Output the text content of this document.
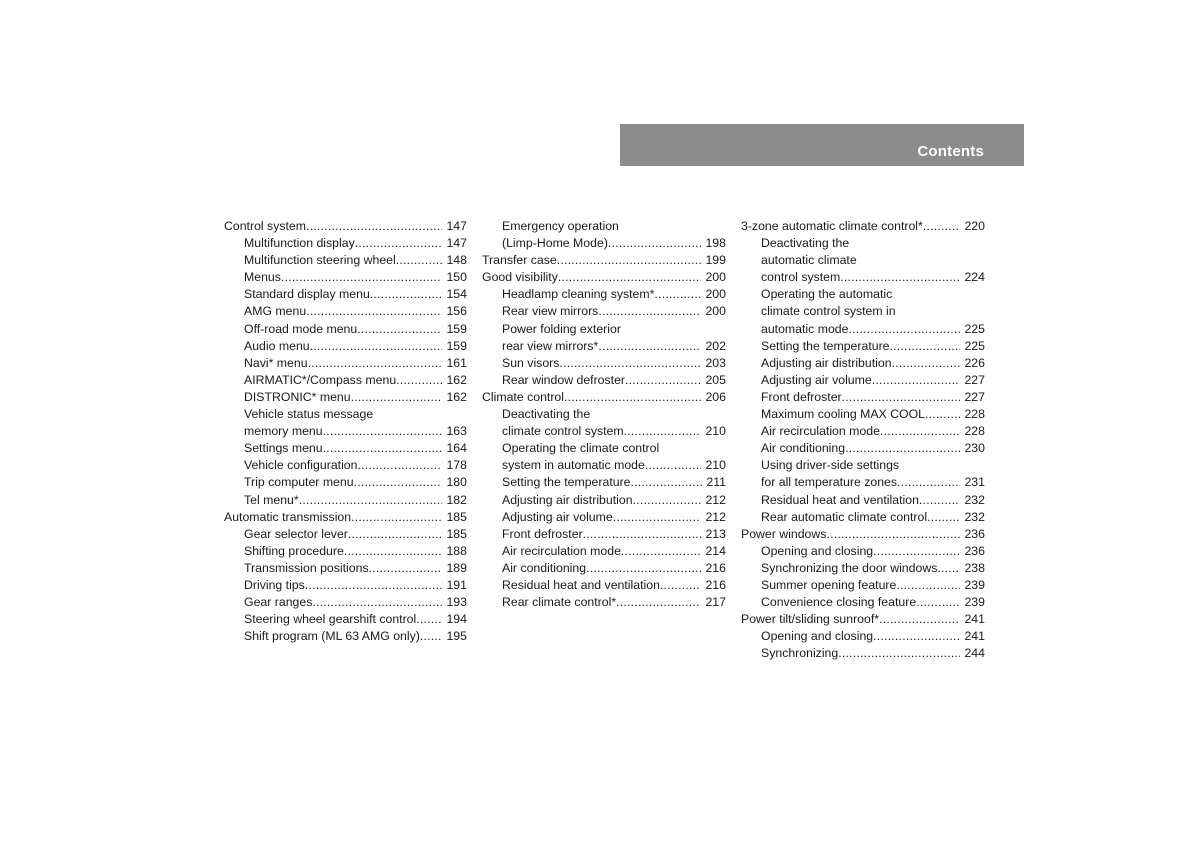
Contents
Control system . . .	147
Multifunction display . . .	147
Multifunction steering wheel . . .	148
Menus . . .	150
Standard display menu . . .	154
AMG menu . . .	156
Off-road mode menu . . .	159
Audio menu . . .	159
Navi* menu . . .	161
AIRMATIC*/Compass menu . . .	162
DISTRONIC* menu . . .	162
Vehicle status message
memory menu . . .	163
Settings menu . . .	164
Vehicle configuration . . .	178
Trip computer menu . . .	180
Tel menu* . . .	182
Automatic transmission . . .	185
Gear selector lever . . .	185
Shifting procedure . . .	188
Transmission positions . . .	189
Driving tips . . .	191
Gear ranges . . .	193
Steering wheel gearshift control . . .	194
Shift program (ML 63 AMG only) . . .	195
Emergency operation
(Limp-Home Mode) . . .	198
Transfer case . . .	199
Good visibility . . .	200
Headlamp cleaning system* . . .	200
Rear view mirrors . . .	200
Power folding exterior
rear view mirrors* . . .	202
Sun visors . . .	203
Rear window defroster . . .	205
Climate control . . .	206
Deactivating the
climate control system . . .	210
Operating the climate control
system in automatic mode . . .	210
Setting the temperature . . .	211
Adjusting air distribution . . .	212
Adjusting air volume . . .	212
Front defroster . . .	213
Air recirculation mode . . .	214
Air conditioning . . .	216
Residual heat and ventilation . . .	216
Rear climate control* . . .	217
3-zone automatic climate control* . . .	220
Deactivating the
automatic climate
control system . . .	224
Operating the automatic
climate control system in
automatic mode . . .	225
Setting the temperature . . .	225
Adjusting air distribution . . .	226
Adjusting air volume . . .	227
Front defroster . . .	227
Maximum cooling MAX COOL . . .	228
Air recirculation mode . . .	228
Air conditioning . . .	230
Using driver-side settings
for all temperature zones . . .	231
Residual heat and ventilation . . .	232
Rear automatic climate control . . .	232
Power windows . . .	236
Opening and closing . . .	236
Synchronizing the door windows . . .	238
Summer opening feature . . .	239
Convenience closing feature . . .	239
Power tilt/sliding sunroof* . . .	241
Opening and closing . . .	241
Synchronizing . . .	244
